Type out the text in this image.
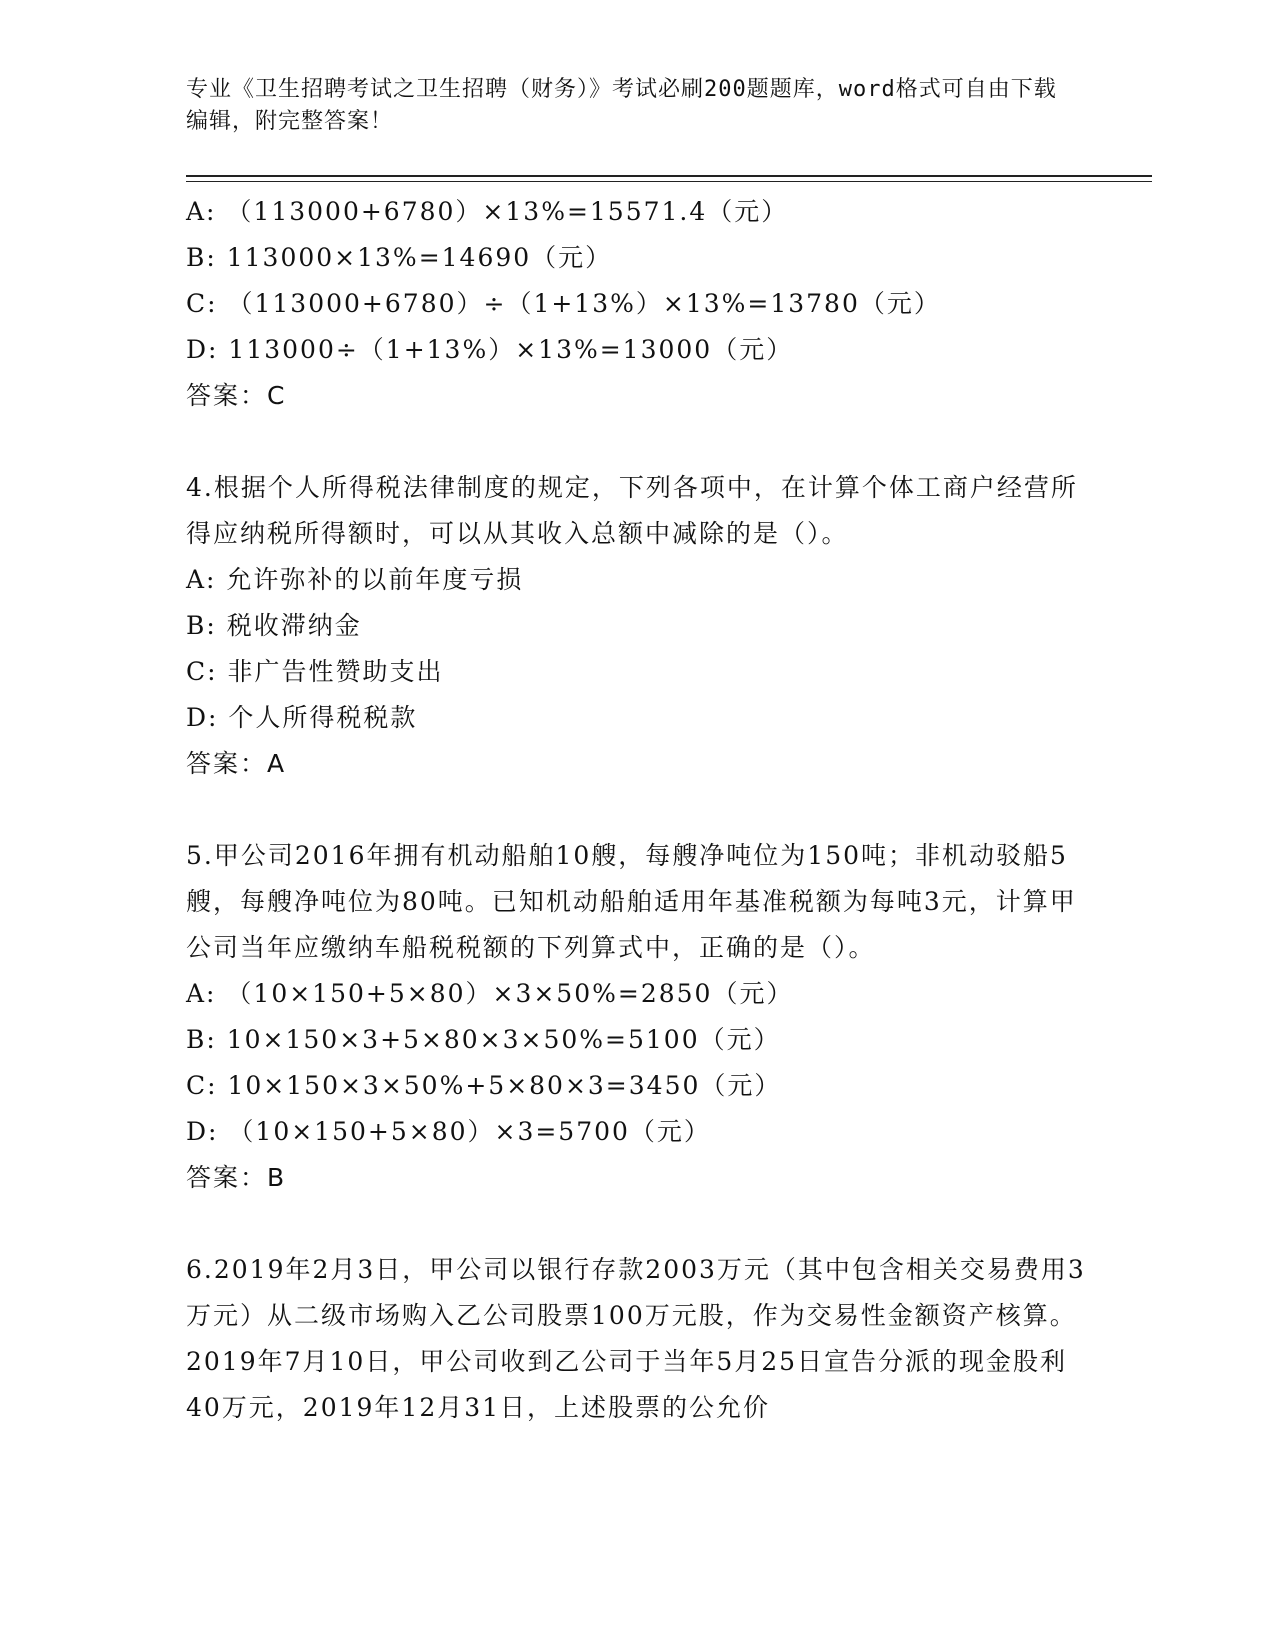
专业《卫生招聘考试之卫生招聘（财务）》考试必刷200题题库，word格式可自由下载编辑，附完整答案！
A: （113000+6780）×13%=15571.4（元）
B: 113000×13%=14690（元）
C: （113000+6780）÷（1+13%）×13%=13780（元）
D: 113000÷（1+13%）×13%=13000（元）
答案：C
4.根据个人所得税法律制度的规定，下列各项中，在计算个体工商户经营所得应纳税所得额时，可以从其收入总额中减除的是（）。
A: 允许弥补的以前年度亏损
B: 税收滞纳金
C: 非广告性赞助支出
D: 个人所得税税款
答案：A
5.甲公司2016年拥有机动船舶10艘，每艘净吨位为150吨；非机动驳船5艘，每艘净吨位为80吨。已知机动船舶适用年基准税额为每吨3元，计算甲公司当年应缴纳车船税税额的下列算式中，正确的是（）。
A: （10×150+5×80）×3×50%=2850（元）
B: 10×150×3+5×80×3×50%=5100（元）
C: 10×150×3×50%+5×80×3=3450（元）
D: （10×150+5×80）×3=5700（元）
答案：B
6.2019年2月3日，甲公司以银行存款2003万元（其中包含相关交易费用3万元）从二级市场购入乙公司股票100万元股，作为交易性金额资产核算。2019年7月10日，甲公司收到乙公司于当年5月25日宣告分派的现金股利40万元，2019年12月31日，上述股票的公允价
